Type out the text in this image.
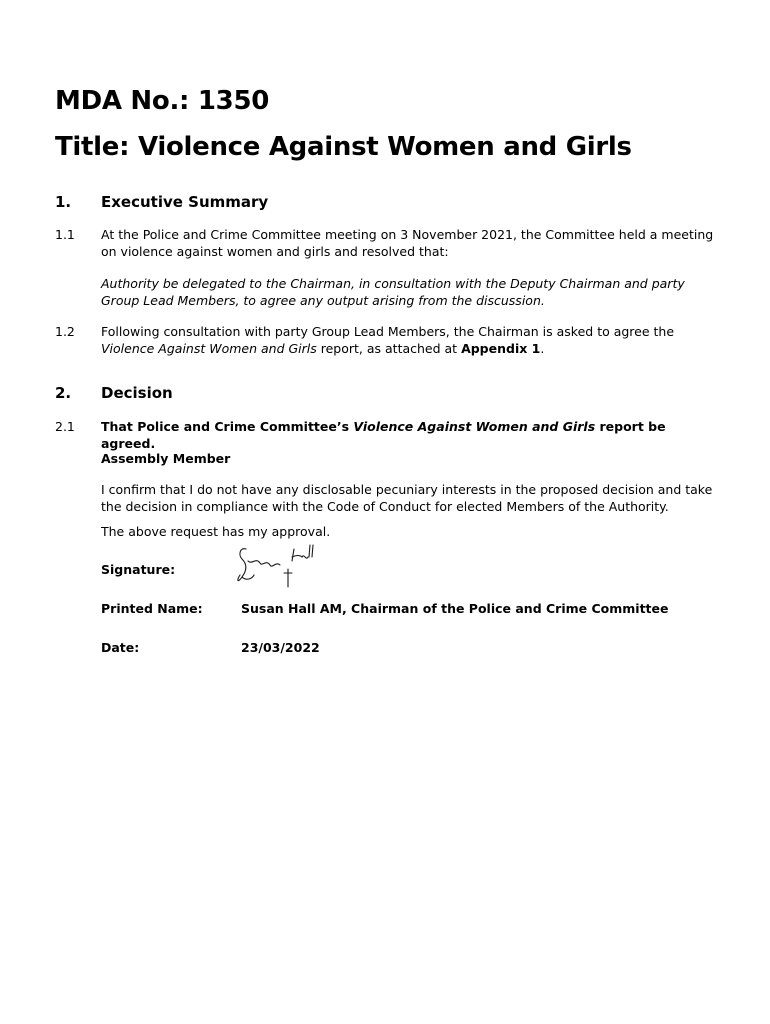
MDA No.: 1350
Title: Violence Against Women and Girls
1. Executive Summary
1.1 At the Police and Crime Committee meeting on 3 November 2021, the Committee held a meeting on violence against women and girls and resolved that:

Authority be delegated to the Chairman, in consultation with the Deputy Chairman and party Group Lead Members, to agree any output arising from the discussion.

1.2 Following consultation with party Group Lead Members, the Chairman is asked to agree the Violence Against Women and Girls report, as attached at Appendix 1.

2. Decision
2.1 That Police and Crime Committee’s Violence Against Women and Girls report be agreed.

Assembly Member

I confirm that I do not have any disclosable pecuniary interests in the proposed decision and take the decision in compliance with the Code of Conduct for elected Members of the Authority.

The above request has my approval.

Signature:
Printed Name:	Susan Hall AM, Chairman of the Police and Crime Committee
Date:	23/03/2022
